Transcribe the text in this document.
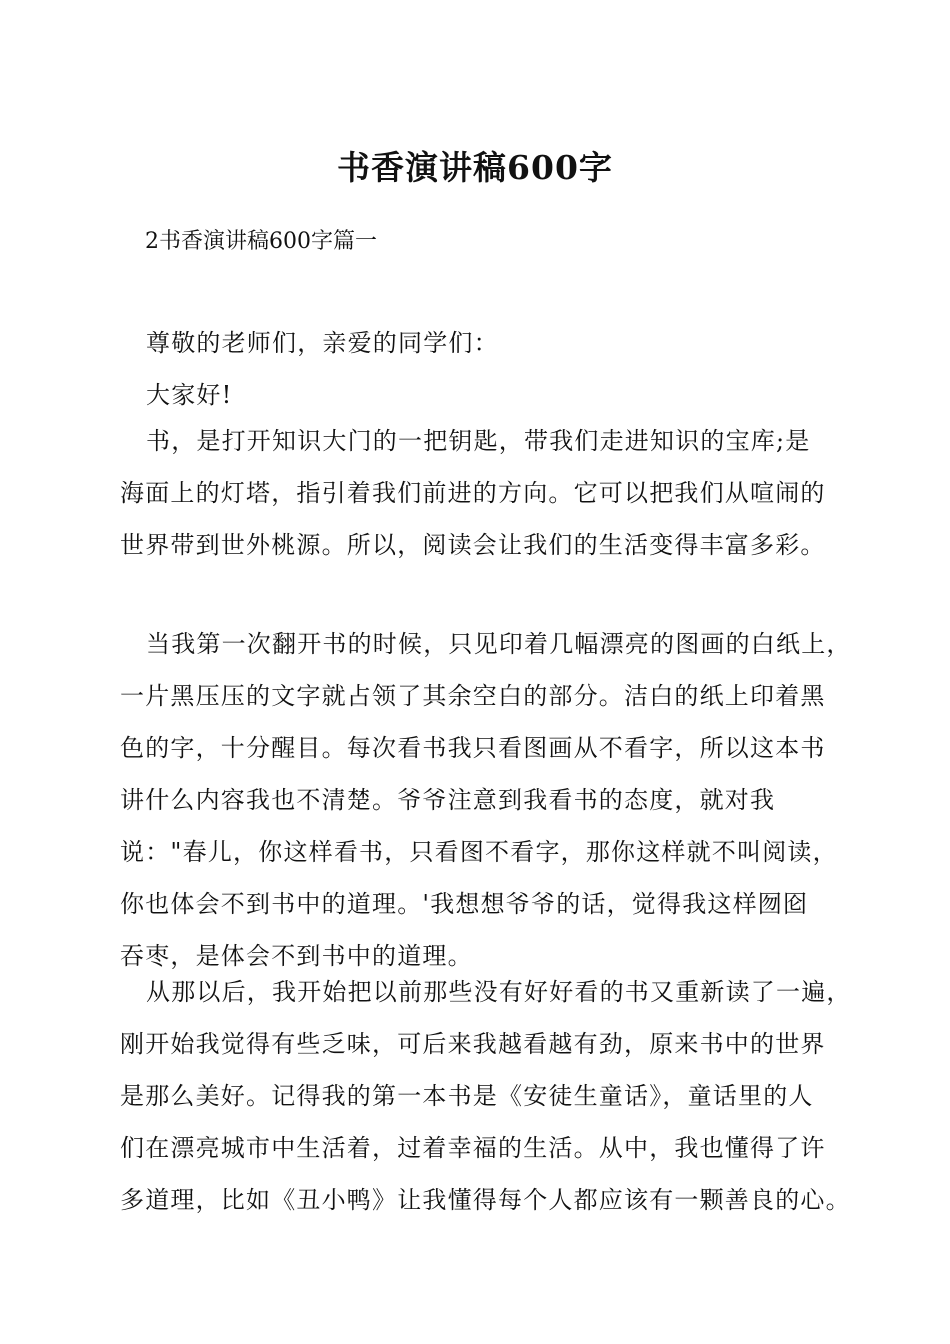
书香演讲稿600字

2书香演讲稿600字篇一

尊敬的老师们，亲爱的同学们：
大家好!
书，是打开知识大门的一把钥匙，带我们走进知识的宝库;是
海面上的灯塔，指引着我们前进的方向。它可以把我们从喧闹的
世界带到世外桃源。所以，阅读会让我们的生活变得丰富多彩。
当我第一次翻开书的时候，只见印着几幅漂亮的图画的白纸上，
一片黑压压的文字就占领了其余空白的部分。洁白的纸上印着黑
色的字，十分醒目。每次看书我只看图画从不看字，所以这本书
讲什么内容我也不清楚。爷爷注意到我看书的态度，就对我
说："春儿，你这样看书，只看图不看字，那你这样就不叫阅读，
你也体会不到书中的道理。'我想想爷爷的话，觉得我这样囫囵
吞枣，是体会不到书中的道理。
从那以后，我开始把以前那些没有好好看的书又重新读了一遍，
刚开始我觉得有些乏味，可后来我越看越有劲，原来书中的世界
是那么美好。记得我的第一本书是《安徒生童话》，童话里的人
们在漂亮城市中生活着，过着幸福的生活。从中，我也懂得了许
多道理，比如《丑小鸭》让我懂得每个人都应该有一颗善良的心。
